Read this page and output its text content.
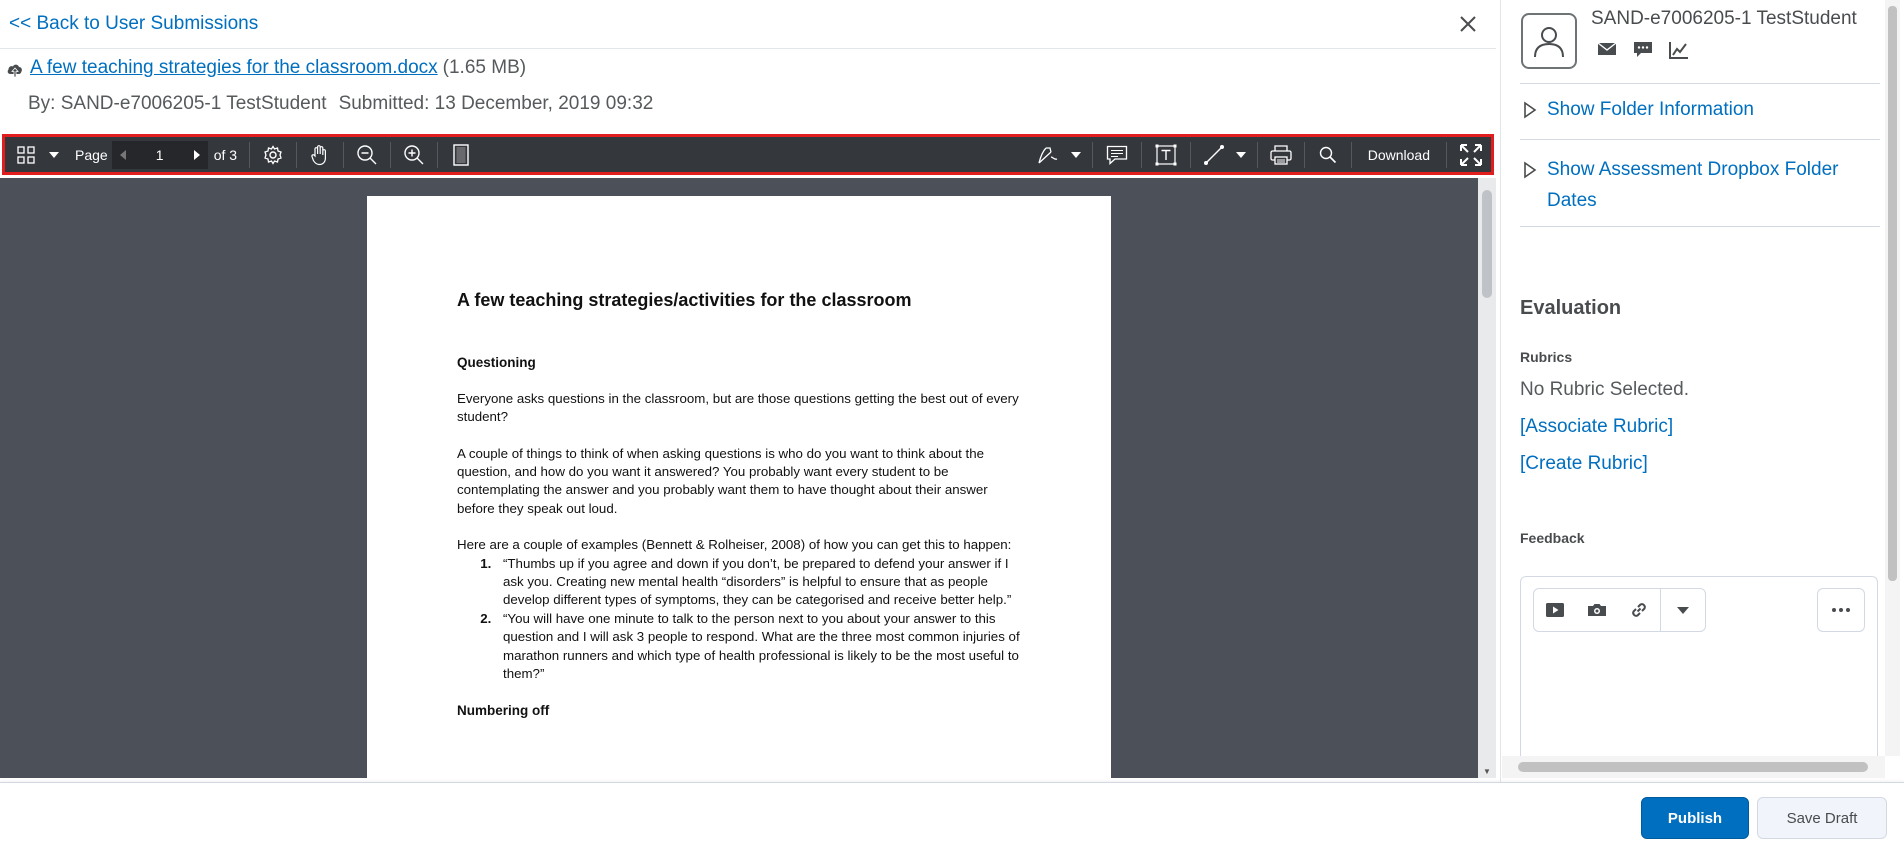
<< Back to User Submissions
A few teaching strategies for the classroom.docx (1.65 MB)
By: SAND-e7006205-1 TestStudent Submitted: 13 December, 2019 09:32
Page
1	of 3	Download
A few teaching strategies/activities for the classroom
Questioning

Everyone asks questions in the classroom, but are those questions getting the best out of every student?

A couple of things to think of when asking questions is who do you want to think about the question, and how do you want it answered? You probably want every student to be contemplating the answer and you probably want them to have thought about their answer before they speak out loud.

Here are a couple of examples (Bennett & Rolheiser, 2008) of how you can get this to happen:

1. “Thumbs up if you agree and down if you don’t, be prepared to defend your answer if I ask you. Creating new mental health “disorders” is helpful to ensure that as people develop different types of symptoms, they can be categorised and receive better help.”
2. “You will have one minute to talk to the person next to you about your answer to this question and I will ask 3 people to respond. What are the three most common injuries of marathon runners and which type of health professional is likely to be the most useful to them?”
Numbering off
▼
SAND-e7006205-1 TestStudent
Show Folder Information
Show Assessment Dropbox Folder Dates
Evaluation
Rubrics
No Rubric Selected.
[Associate Rubric]
[Create Rubric]
Feedback
Publish	Save Draft
